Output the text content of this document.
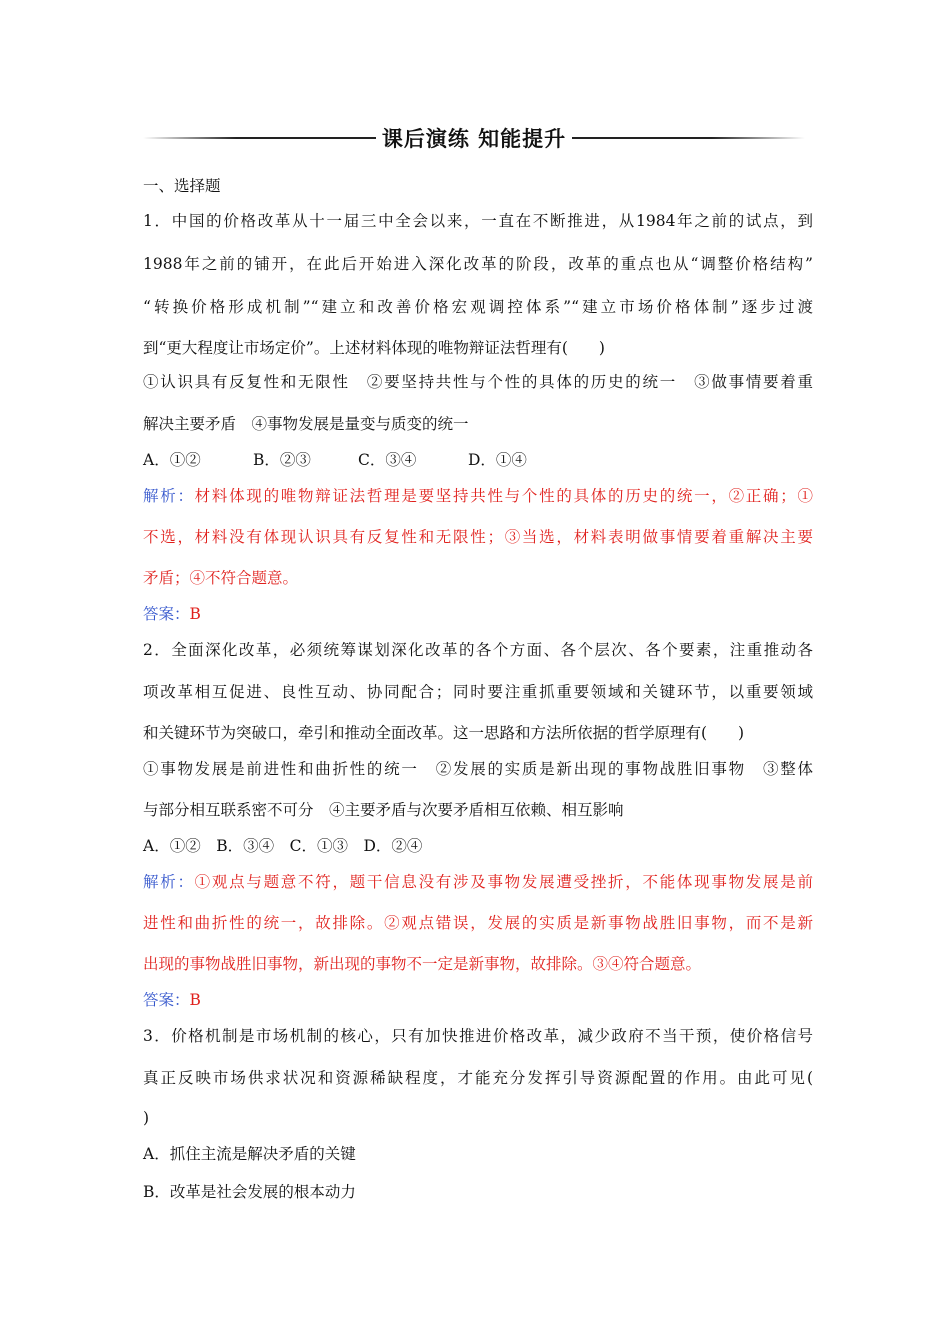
课后演练 知能提升
一、选择题
1．中国的价格改革从十一届三中全会以来，一直在不断推进，从1984年之前的试点，到
1988年之前的铺开，在此后开始进入深化改革的阶段，改革的重点也从“调整价格结构”
“转换价格形成机制”“建立和改善价格宏观调控体系”“建立市场价格体制”逐步过渡
到“更大程度让市场定价”。上述材料体现的唯物辩证法哲理有(　　)
①认识具有反复性和无限性　②要坚持共性与个性的具体的历史的统一　③做事情要着重
解决主要矛盾　④事物发展是量变与质变的统一
A．①②	B．②③	C．③④	D．①④
解析：材料体现的唯物辩证法哲理是要坚持共性与个性的具体的历史的统一，②正确；①
不选，材料没有体现认识具有反复性和无限性；③当选，材料表明做事情要着重解决主要
矛盾；④不符合题意。
答案：B
2．全面深化改革，必须统筹谋划深化改革的各个方面、各个层次、各个要素，注重推动各
项改革相互促进、良性互动、协同配合；同时要注重抓重要领域和关键环节，以重要领域
和关键环节为突破口，牵引和推动全面改革。这一思路和方法所依据的哲学原理有(　　)
①事物发展是前进性和曲折性的统一　②发展的实质是新出现的事物战胜旧事物　③整体
与部分相互联系密不可分　④主要矛盾与次要矛盾相互依赖、相互影响
A．①②　B．③④　C．①③　D．②④
解析：①观点与题意不符，题干信息没有涉及事物发展遭受挫折，不能体现事物发展是前
进性和曲折性的统一，故排除。②观点错误，发展的实质是新事物战胜旧事物，而不是新
出现的事物战胜旧事物，新出现的事物不一定是新事物，故排除。③④符合题意。
答案：B
3．价格机制是市场机制的核心，只有加快推进价格改革，减少政府不当干预，使价格信号
真正反映市场供求状况和资源稀缺程度，才能充分发挥引导资源配置的作用。由此可见(
)
A．抓住主流是解决矛盾的关键
B．改革是社会发展的根本动力
